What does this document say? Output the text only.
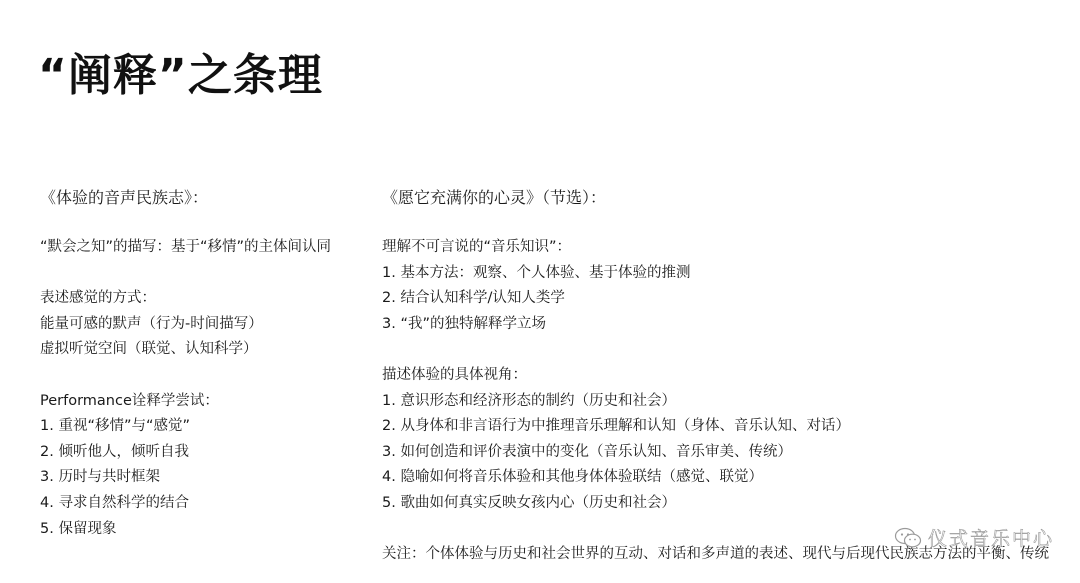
“阐释”之条理
《体验的音声民族志》：
“默会之知”的描写：基于“移情”的主体间认同
表述感觉的方式：
能量可感的默声（行为-时间描写）
虚拟听觉空间（联觉、认知科学）
Performance诠释学尝试：
1. 重视“移情”与“感觉”
2. 倾听他人，倾听自我
3. 历时与共时框架
4. 寻求自然科学的结合
5. 保留现象
《愿它充满你的心灵》（节选）：
理解不可言说的“音乐知识”：
1. 基本方法：观察、个人体验、基于体验的推测
2. 结合认知科学/认知人类学
3. “我”的独特解释学立场
描述体验的具体视角：
1. 意识形态和经济形态的制约（历史和社会）
2. 从身体和非言语行为中推理音乐理解和认知（身体、音乐认知、对话）
3. 如何创造和评价表演中的变化（音乐认知、音乐审美、传统）
4. 隐喻如何将音乐体验和其他身体体验联结（感觉、联觉）
5. 歌曲如何真实反映女孩内心（历史和社会）
关注：个体体验与历史和社会世界的互动、对话和多声道的表述、现代与后现代民族志方法的平衡、传统
仪式音乐中心
